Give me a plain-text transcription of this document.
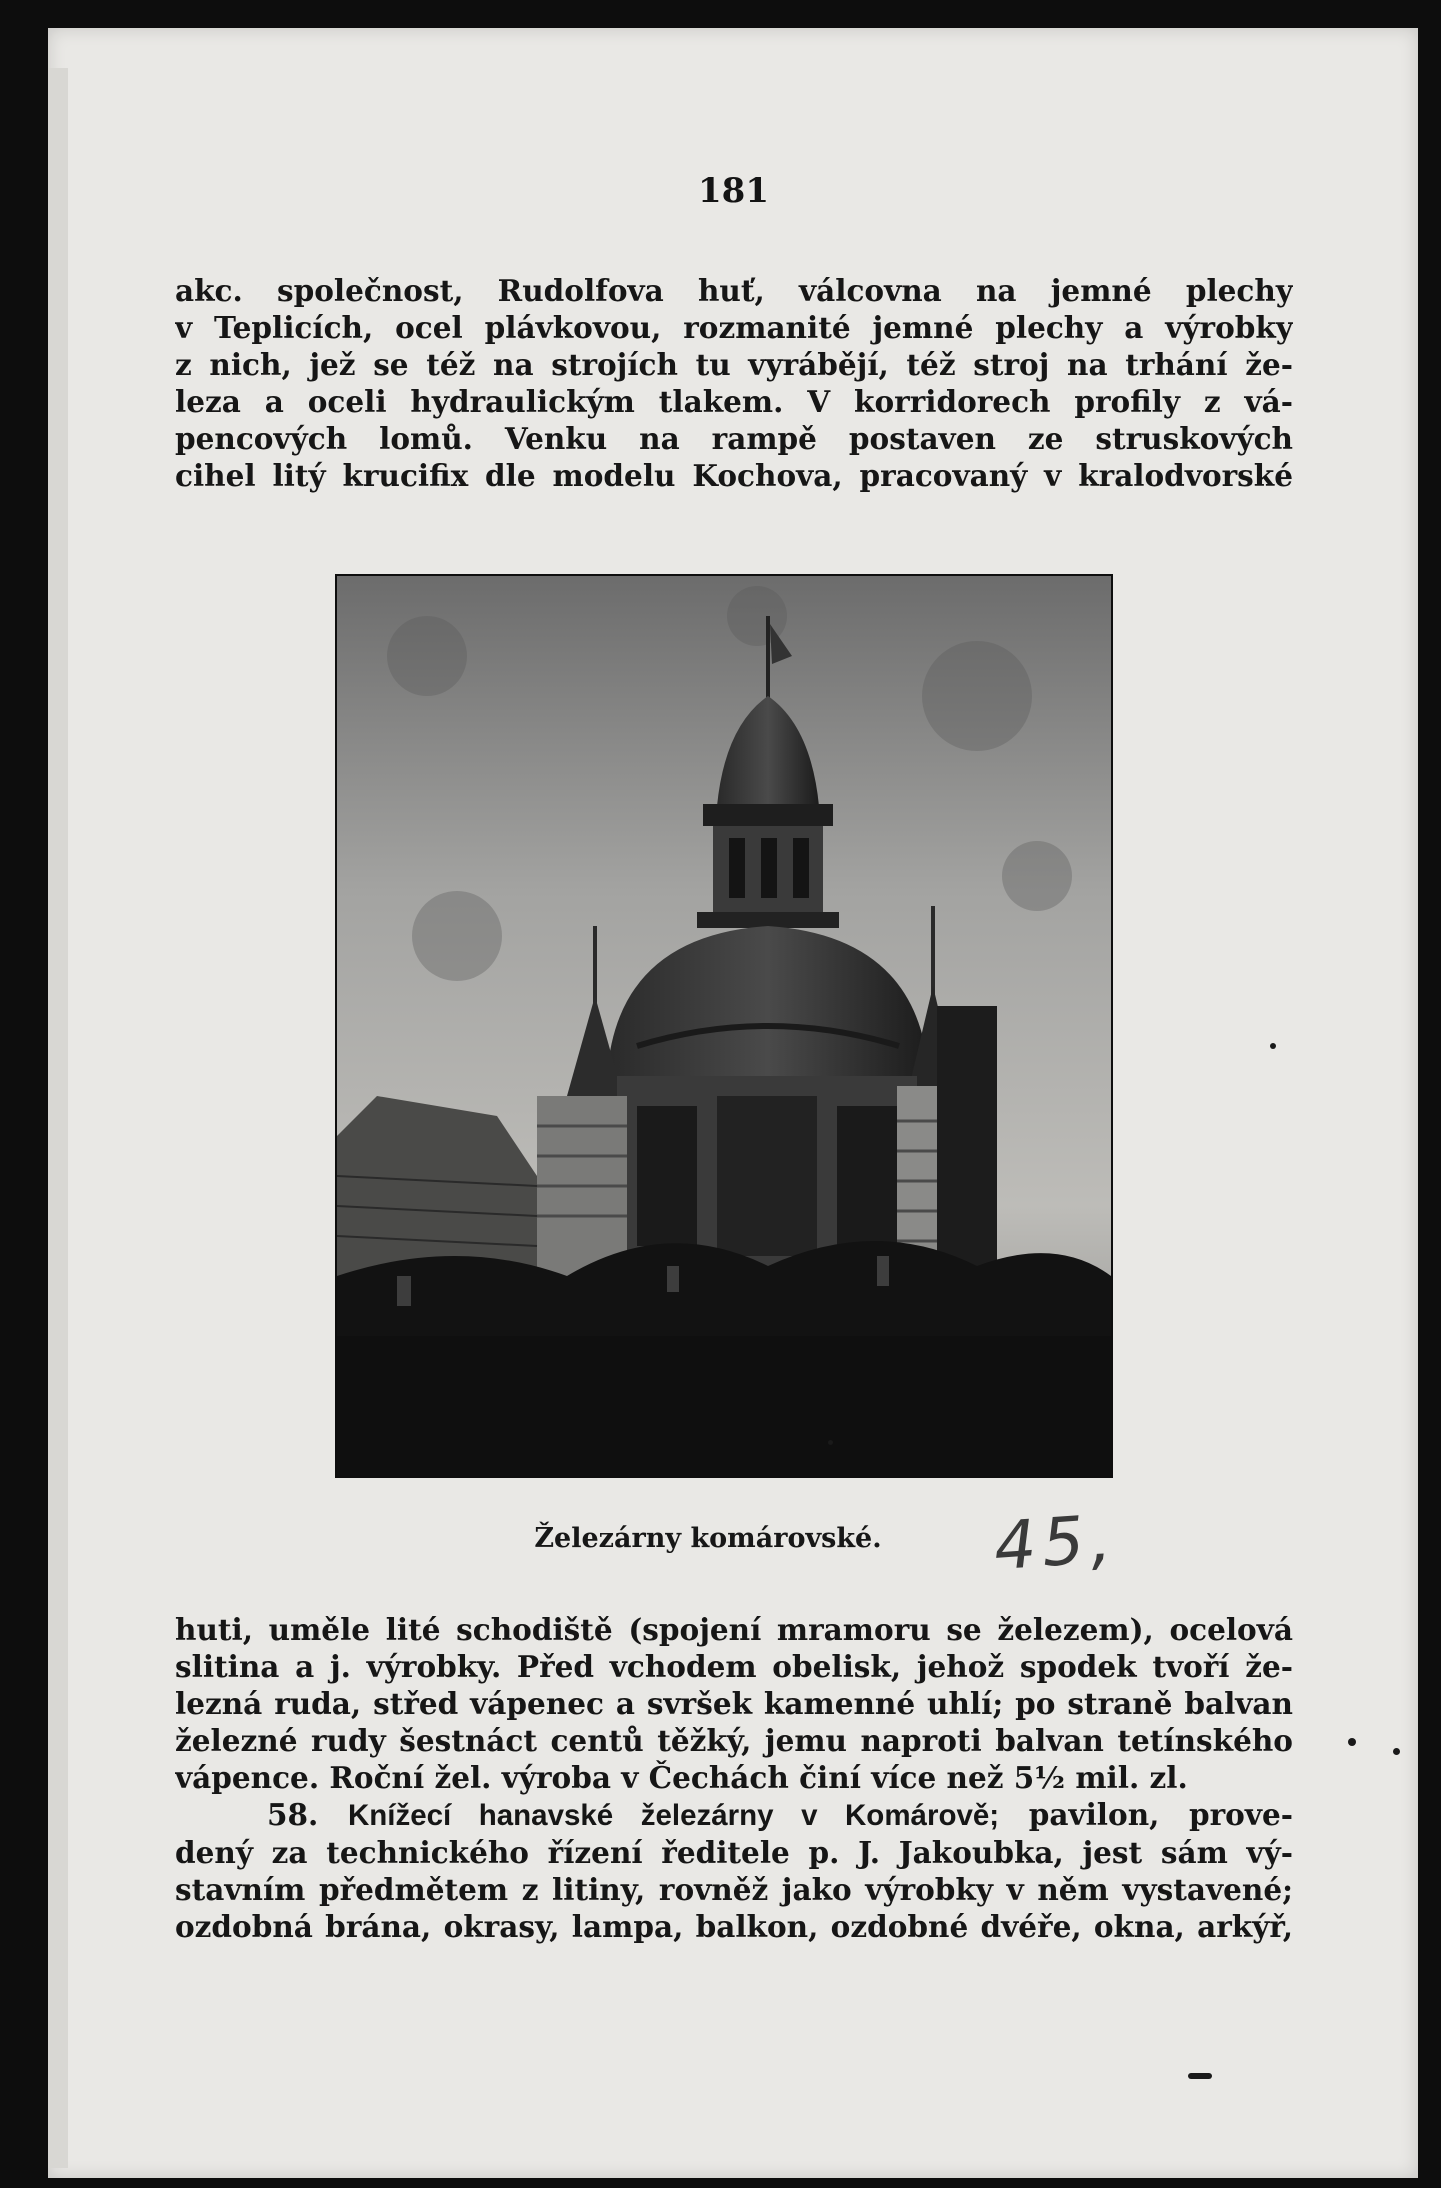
181
akc. společnost, Rudolfova huť, válcovna na jemné plechy
v Teplicích, ocel plávkovou, rozmanité jemné plechy a výrobky
z nich, jež se též na strojích tu vyrábějí, též stroj na trhání že-
leza a oceli hydraulickým tlakem. V korridorech profily z vá-
pencových lomů. Venku na rampě postaven ze struskových
cihel litý krucifix dle modelu Kochova, pracovaný v kralodvorské
Železárny komárovské.	45,
huti, uměle lité schodiště (spojení mramoru se železem), ocelová
slitina a j. výrobky. Před vchodem obelisk, jehož spodek tvoří že-
lezná ruda, střed vápenec a svršek kamenné uhlí; po straně balvan
železné rudy šestnáct centů těžký, jemu naproti balvan tetínského
vápence. Roční žel. výroba v Čechách činí více než 5½ mil. zl.
58. Knížecí hanavské železárny v Komárově; pavilon, prove-
dený za technického řízení ředitele p. J. Jakoubka, jest sám vý-
stavním předmětem z litiny, rovněž jako výrobky v něm vystavené;
ozdobná brána, okrasy, lampa, balkon, ozdobné dvéře, okna, arkýř,
